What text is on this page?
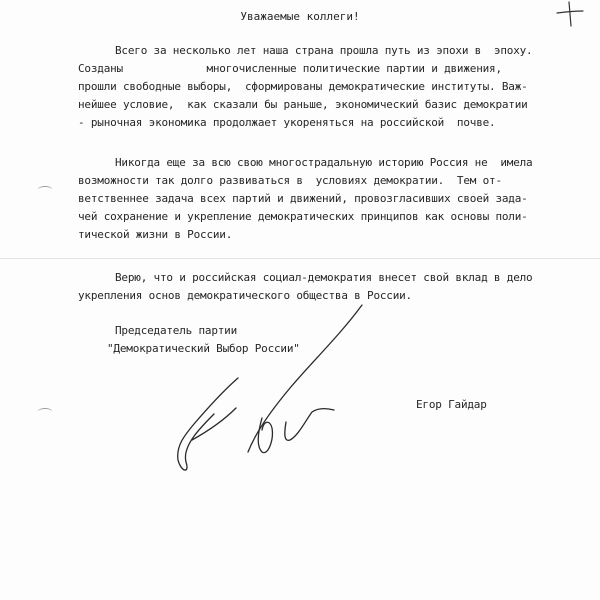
Уважаемые коллеги!
Всего за несколько лет наша страна прошла путь из эпохи в  эпоху.
Созданы             многочисленные политические партии и движения,
прошли свободные выборы,  сформированы демократические институты. Важ-
нейшее условие,  как сказали бы раньше, экономический базис демократии
- рыночная экономика продолжает укореняться на российской  почве.
Никогда еще за всю свою многострадальную историю Россия не  имела
возможности так долго развиваться в  условиях демократии.  Тем от-
ветственнее задача всех партий и движений, провозгласивших своей задa-
чей сохранение и укрепление демократических принципов как основы поли-
тической жизни в России.
Верю, что и российская социал-демократия внесет свой вклад в дело
укрепления основ демократического общества в России.
Председатель партии
"Демократический Выбор России"
Егор Гайдар
